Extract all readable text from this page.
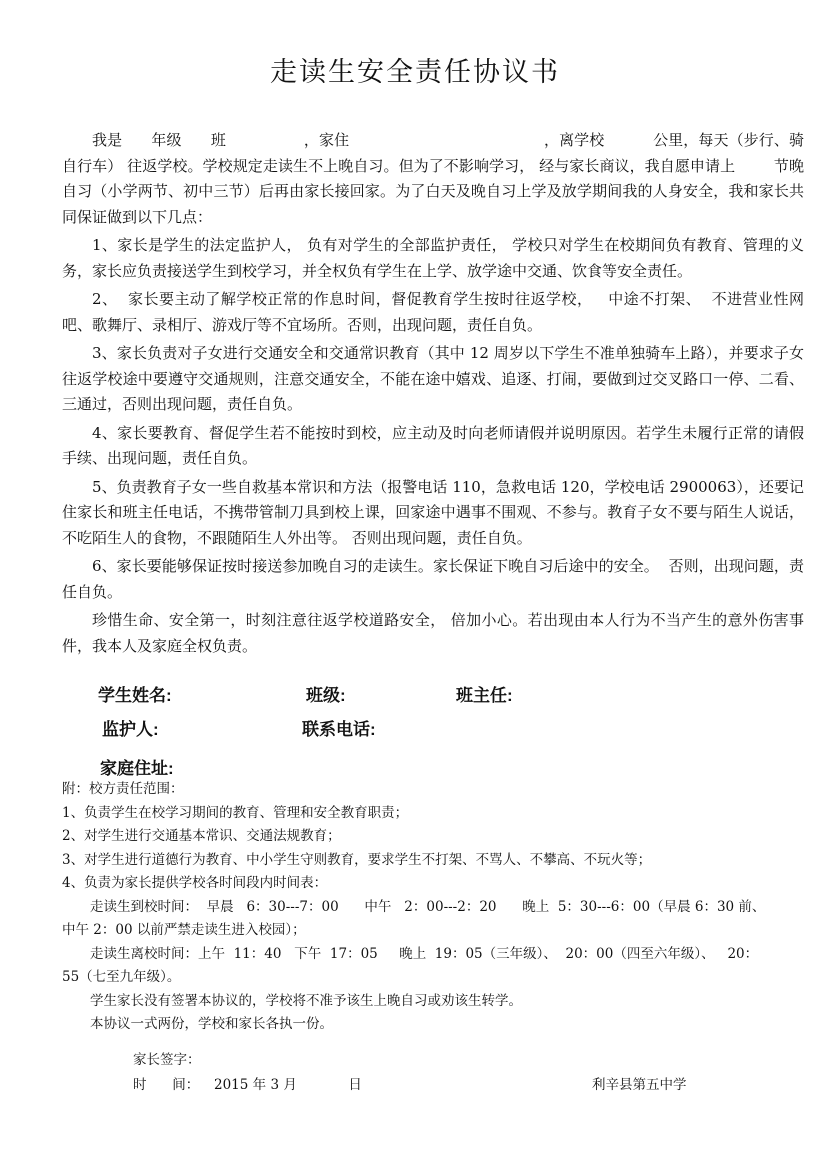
走读生安全责任协议书

我是      年级      班                ，家住                                        ，离学校          公里，每天（步行、骑自行车） 往返学校。学校规定走读生不上晚自习。但为了不影响学习， 经与家长商议，我自愿申请上        节晚自习（小学两节、初中三节）后再由家长接回家。为了白天及晚自习上学及放学期间我的人身安全，我和家长共同保证做到以下几点：

1、家长是学生的法定监护人， 负有对学生的全部监护责任， 学校只对学生在校期间负有教育、管理的义务，家长应负责接送学生到校学习，并全权负有学生在上学、放学途中交通、饮食等安全责任。

2、  家长要主动了解学校正常的作息时间，督促教育学生按时往返学校，   中途不打架、  不进营业性网吧、歌舞厅、录相厅、游戏厅等不宜场所。否则，出现问题，责任自负。

3、家长负责对子女进行交通安全和交通常识教育（其中 12 周岁以下学生不准单独骑车上路），并要求子女往返学校途中要遵守交通规则，注意交通安全，不能在途中嬉戏、追逐、打闹，要做到过交叉路口一停、二看、三通过，否则出现问题，责任自负。

4、家长要教育、督促学生若不能按时到校，应主动及时向老师请假并说明原因。若学生未履行正常的请假手续、出现问题，责任自负。

5、负责教育子女一些自救基本常识和方法（报警电话 110，急救电话 120，学校电话 2900063），还要记住家长和班主任电话，不携带管制刀具到校上课，回家途中遇事不围观、不参与。教育子女不要与陌生人说话，不吃陌生人的食物，不跟随陌生人外出等。 否则出现问题，责任自负。

6、家长要能够保证按时接送参加晚自习的走读生。家长保证下晚自习后途中的安全。  否则，出现问题，责任自负。

珍惜生命、安全第一，时刻注意往返学校道路安全， 倍加小心。若出现由本人行为不当产生的意外伤害事件，我本人及家庭全权负责。

学生姓名:	班级:	班主任:
监护人:	联系电话:
家庭住址:
附：校方责任范围：
1、负责学生在校学习期间的教育、管理和安全教育职责；
2、对学生进行交通基本常识、交通法规教育；
3、对学生进行道德行为教育、中小学生守则教育，要求学生不打架、不骂人、不攀高、不玩火等；
4、负责为家长提供学校各时间段内时间表：
走读生到校时间：  早晨   6：30---7：00      中午   2：00---2：20      晚上  5：30---6：00（早晨 6：30 前、
中午 2：00 以前严禁走读生进入校园）；
走读生离校时间：上午  11：40   下午  17：05     晚上  19：05（三年级）、  20：00（四至六年级）、   20：
55（七至九年级）。
学生家长没有签署本协议的，学校将不准予该生上晚自习或劝该生转学。
本协议一式两份，学校和家长各执一份。
家长签字：
时      间： 2015 年 3 月            日	利辛县第五中学
